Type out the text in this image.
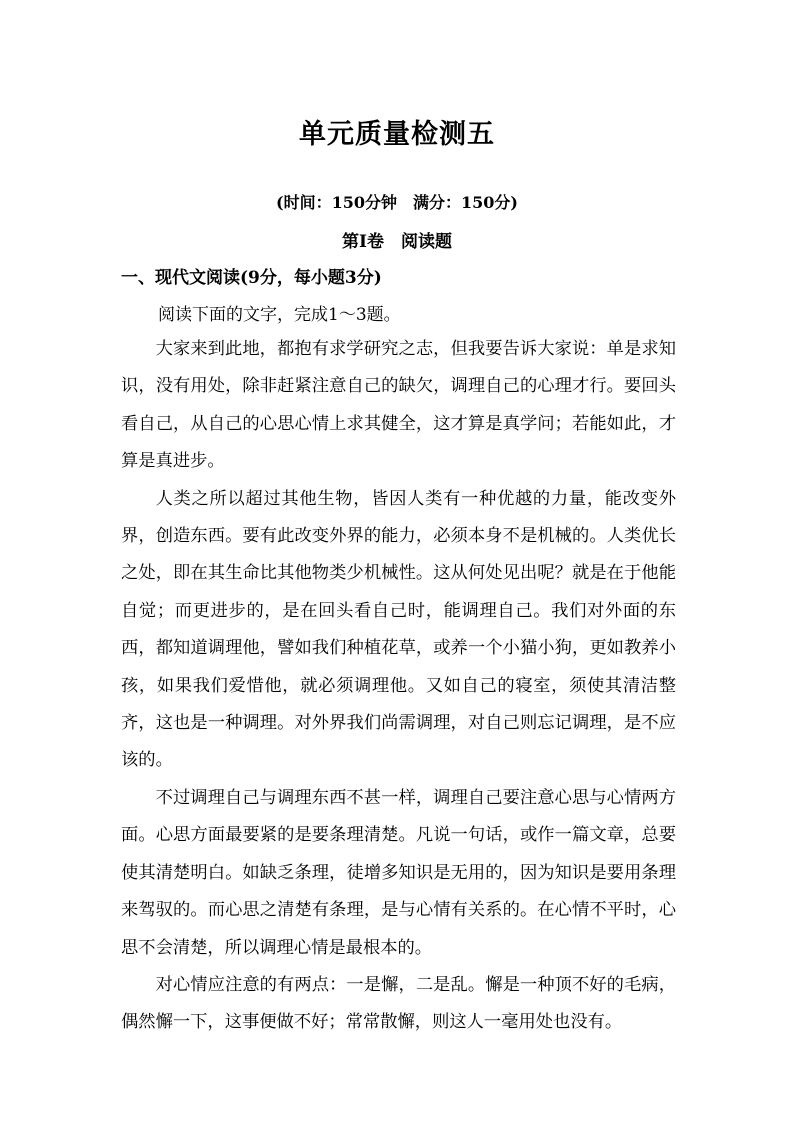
单元质量检测五
(时间：150分钟　满分：150分)
第Ⅰ卷　阅读题
一、现代文阅读(9分，每小题3分)
阅读下面的文字，完成1～3题。

大家来到此地，都抱有求学研究之志，但我要告诉大家说：单是求知识，没有用处，除非赶紧注意自己的缺欠，调理自己的心理才行。要回头看自己，从自己的心思心情上求其健全，这才算是真学问；若能如此，才算是真进步。

人类之所以超过其他生物，皆因人类有一种优越的力量，能改变外界，创造东西。要有此改变外界的能力，必须本身不是机械的。人类优长之处，即在其生命比其他物类少机械性。这从何处见出呢？就是在于他能自觉；而更进步的，是在回头看自己时，能调理自己。我们对外面的东西，都知道调理他，譬如我们种植花草，或养一个小猫小狗，更如教养小孩，如果我们爱惜他，就必须调理他。又如自己的寝室，须使其清洁整齐，这也是一种调理。对外界我们尚需调理，对自己则忘记调理，是不应该的。

不过调理自己与调理东西不甚一样，调理自己要注意心思与心情两方面。心思方面最要紧的是要条理清楚。凡说一句话，或作一篇文章，总要使其清楚明白。如缺乏条理，徒增多知识是无用的，因为知识是要用条理来驾驭的。而心思之清楚有条理，是与心情有关系的。在心情不平时，心思不会清楚，所以调理心情是最根本的。

对心情应注意的有两点：一是懈，二是乱。懈是一种顶不好的毛病，偶然懈一下，这事便做不好；常常散懈，则这人一毫用处也没有。
